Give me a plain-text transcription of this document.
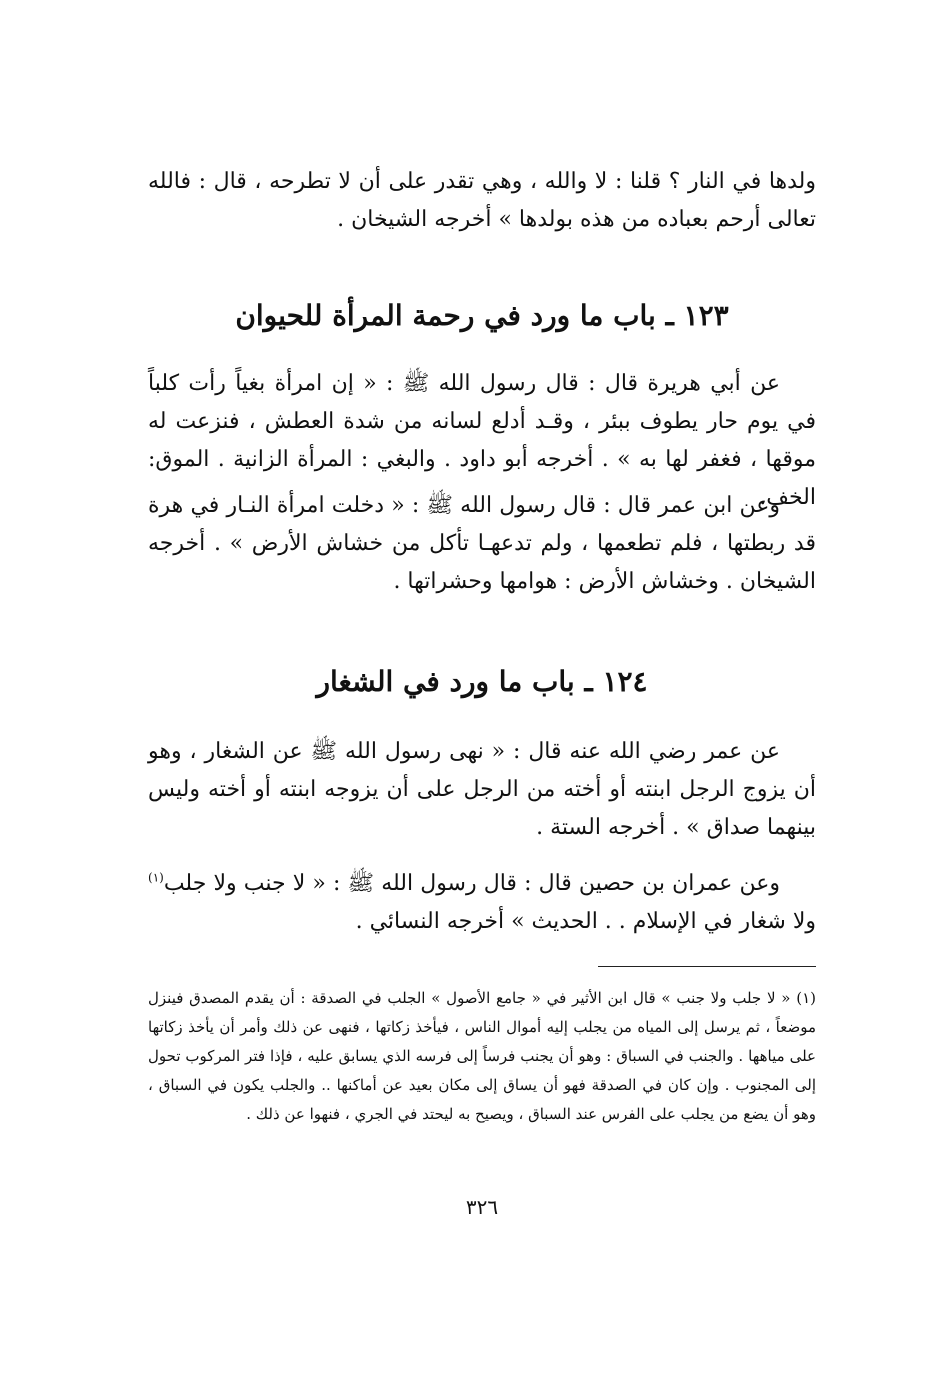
ولدها في النار ؟ قلنا : لا والله ، وهي تقدر على أن لا تطرحه ، قال : فالله تعالى أرحم بعباده من هذه بولدها » أخرجه الشيخان .

١٢٣ ـ باب ما ورد في رحمة المرأة للحيوان

عن أبي هريرة قال : قال رسول الله ﷺ : « إن امرأة بغياً رأت كلباً في يوم حار يطوف ببئر ، وقـد أدلع لسانه من شدة العطش ، فنزعت له موقها ، فغفر لها به » . أخرجه أبو داود . والبغي : المرأة الزانية . الموق: الخف.

وعن ابن عمر قال : قال رسول الله ﷺ : « دخلت امرأة النـار في هرة قد ربطتها ، فلم تطعمها ، ولم تدعهـا تأكل من خشاش الأرض » . أخرجه الشيخان . وخشاش الأرض : هوامها وحشراتها .

١٢٤ ـ باب ما ورد في الشغار

عن عمر رضي الله عنه قال : « نهى رسول الله ﷺ عن الشغار ، وهو أن يزوج الرجل ابنته أو أخته من الرجل على أن يزوجه ابنته أو أخته وليس بينهما صداق » . أخرجه الستة .

وعن عمران بن حصين قال : قال رسول الله ﷺ : « لا جنب ولا جلب$^{(١)}$ ولا شغار في الإسلام . . الحديث » أخرجه النسائي .

(١) « لا جلب ولا جنب » قال ابن الأثير في « جامع الأصول » الجلب في الصدقة : أن يقدم المصدق فينزل موضعاً ، ثم يرسل إلى المياه من يجلب إليه أموال الناس ، فيأخذ زكاتها ، فنهى عن ذلك وأمر أن يأخذ زكاتها على مياهها . والجنب في السباق : وهو أن يجنب فرساً إلى فرسه الذي يسابق عليه ، فإذا فتر المركوب تحول إلى المجنوب . وإن كان في الصدقة فهو أن يساق إلى مكان بعيد عن أماكنها .. والجلب يكون في السباق ، وهو أن يضع من يجلب على الفرس عند السباق ، ويصيح به ليحتد في الجري ، فنهوا عن ذلك .

٣٢٦
